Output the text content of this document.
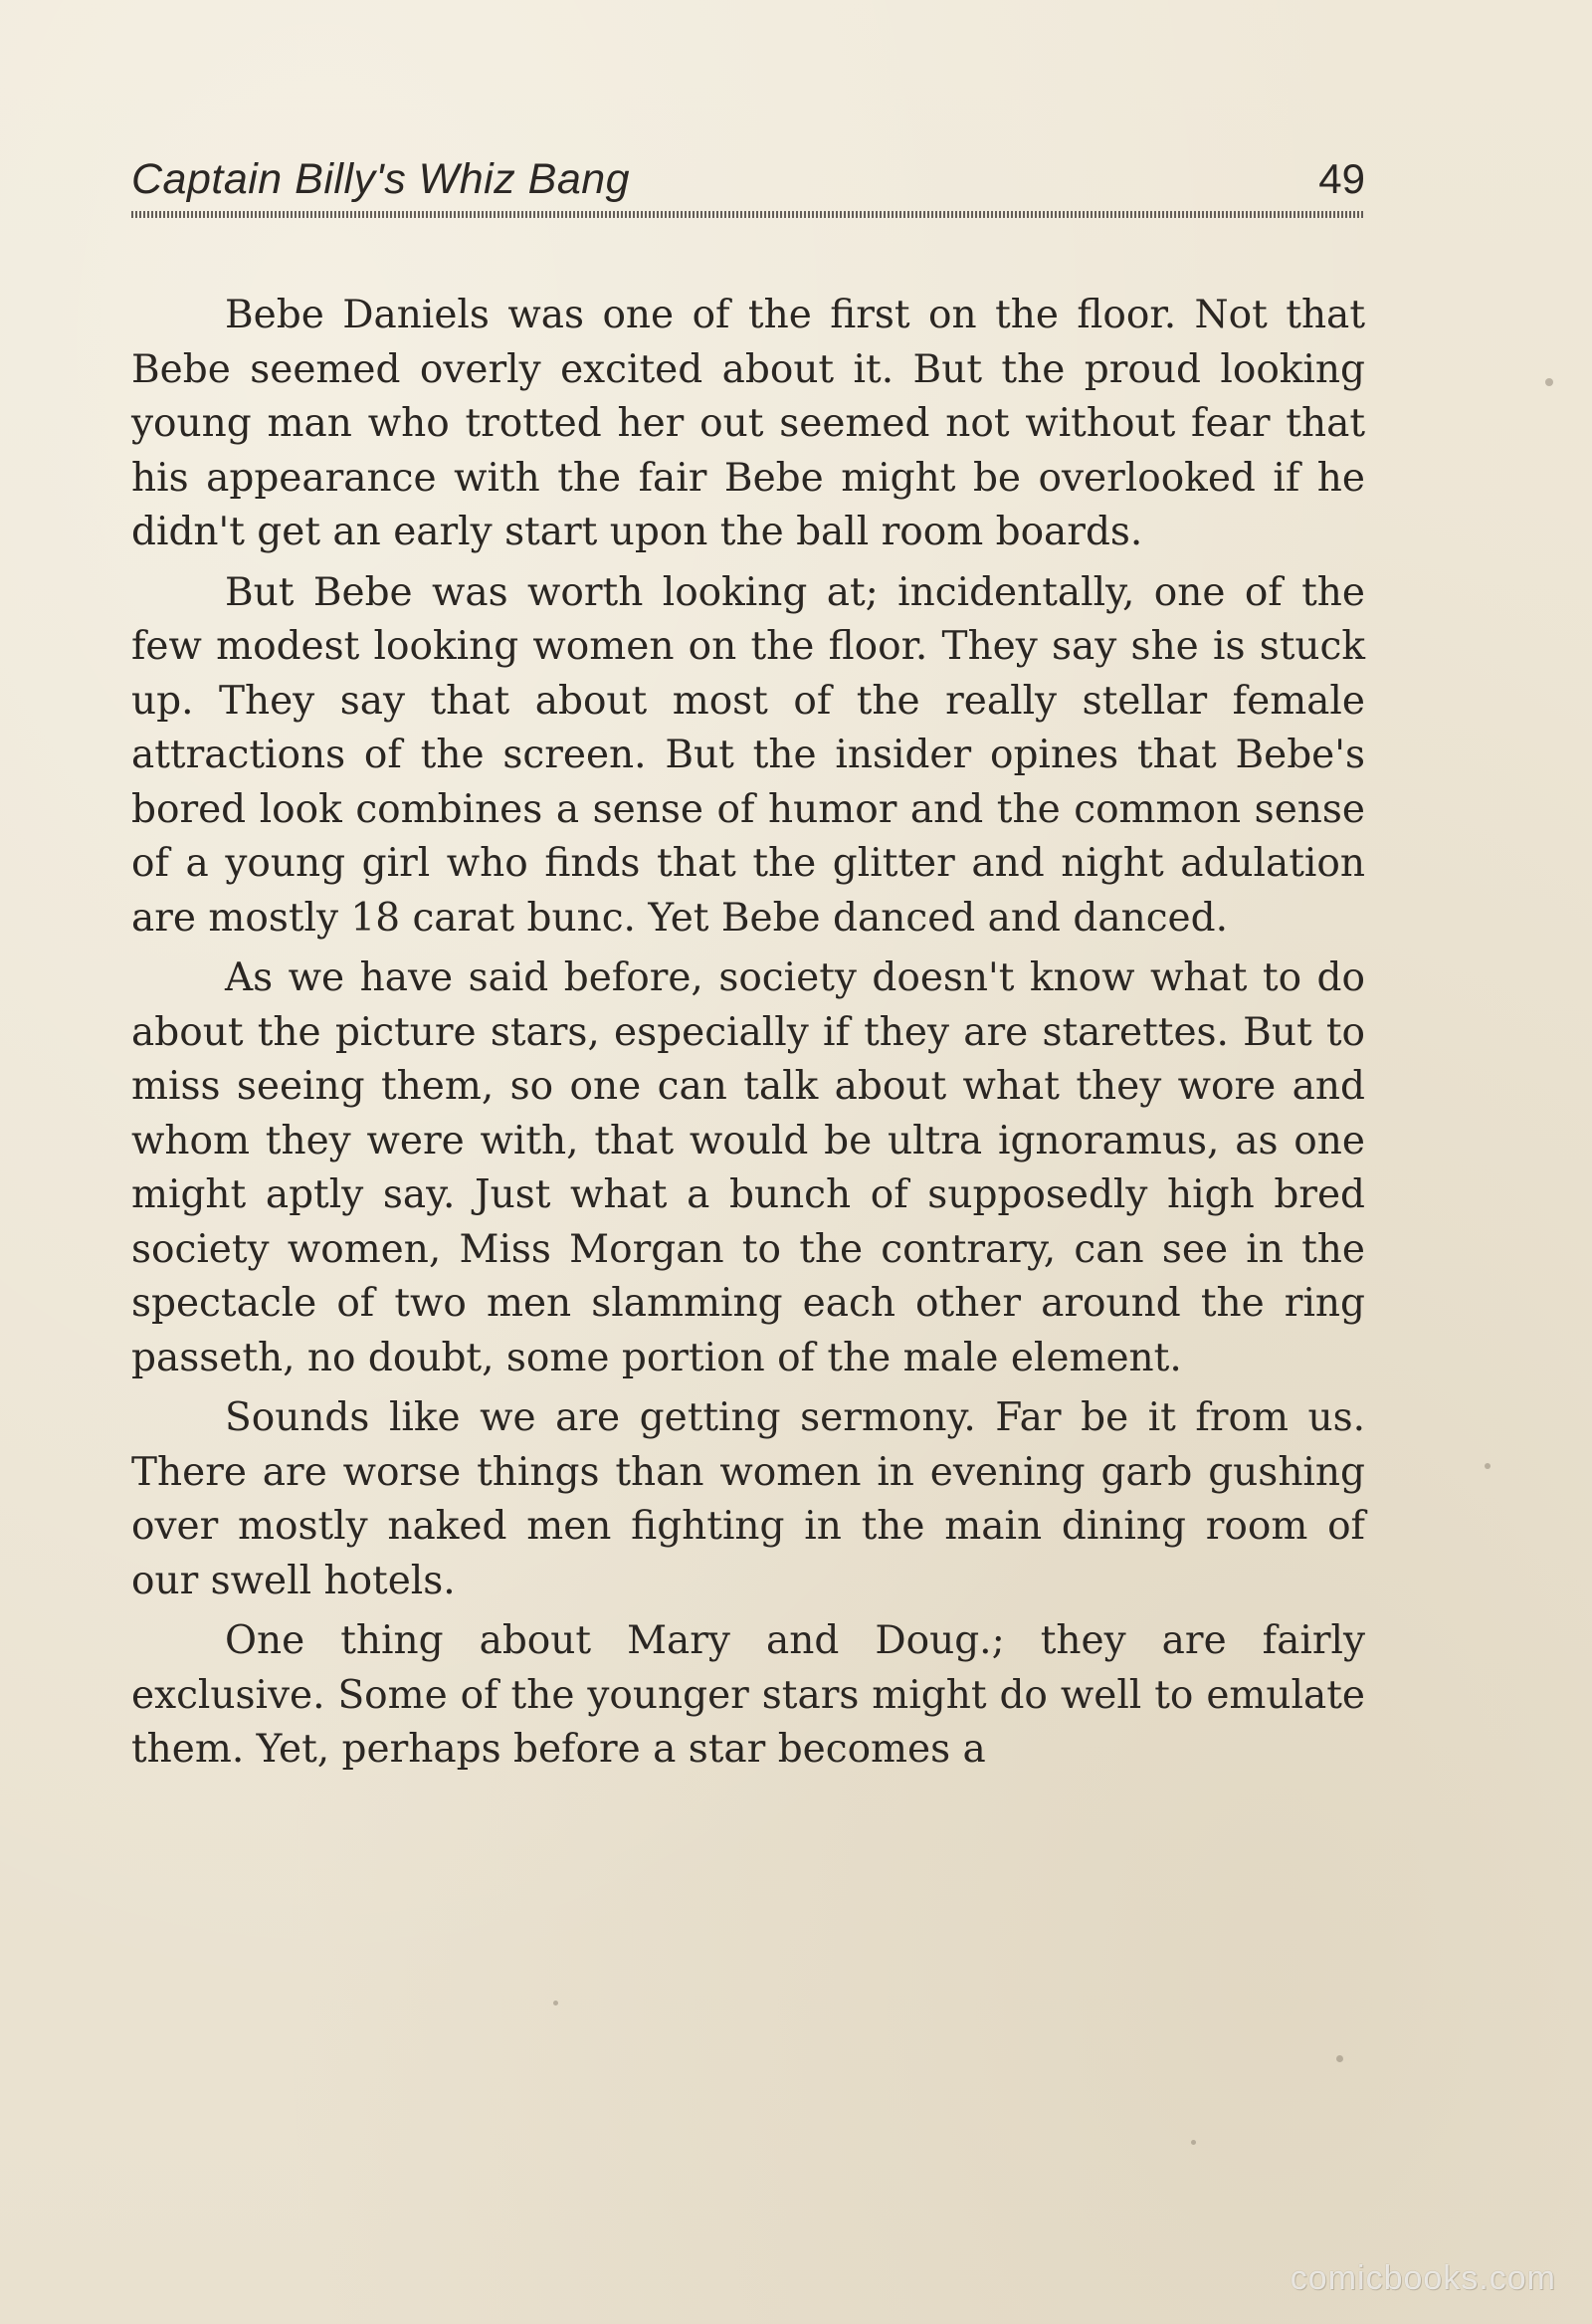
Captain Billy's Whiz Bang	49

Bebe Daniels was one of the first on the floor. Not that Bebe seemed overly excited about it. But the proud looking young man who trotted her out seemed not without fear that his appearance with the fair Bebe might be overlooked if he didn't get an early start upon the ball room boards.

But Bebe was worth looking at; incidentally, one of the few modest looking women on the floor. They say she is stuck up. They say that about most of the really stellar female attractions of the screen. But the insider opines that Bebe's bored look combines a sense of humor and the common sense of a young girl who finds that the glitter and night adulation are mostly 18 carat bunc. Yet Bebe danced and danced.

As we have said before, society doesn't know what to do about the picture stars, especially if they are starettes. But to miss seeing them, so one can talk about what they wore and whom they were with, that would be ultra ignoramus, as one might aptly say. Just what a bunch of supposedly high bred society women, Miss Morgan to the contrary, can see in the spectacle of two men slamming each other around the ring passeth, no doubt, some portion of the male element.

Sounds like we are getting sermony. Far be it from us. There are worse things than women in evening garb gushing over mostly naked men fighting in the main dining room of our swell hotels.

One thing about Mary and Doug.; they are fairly exclusive. Some of the younger stars might do well to emulate them. Yet, perhaps before a star becomes a

comicbooks.com
